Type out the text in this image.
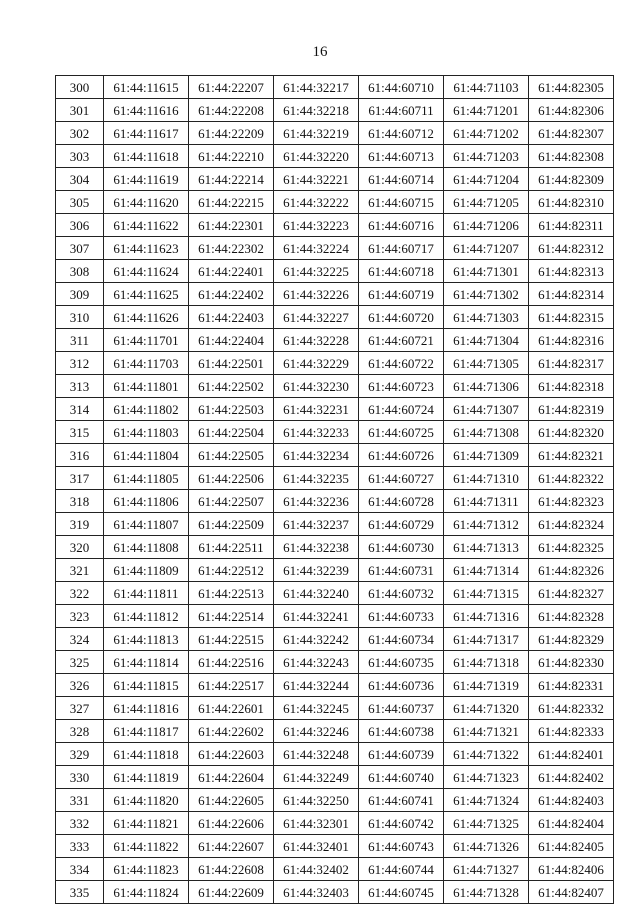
16
300	61:44:11615	61:44:22207	61:44:32217	61:44:60710	61:44:71103	61:44:82305
301	61:44:11616	61:44:22208	61:44:32218	61:44:60711	61:44:71201	61:44:82306
302	61:44:11617	61:44:22209	61:44:32219	61:44:60712	61:44:71202	61:44:82307
303	61:44:11618	61:44:22210	61:44:32220	61:44:60713	61:44:71203	61:44:82308
304	61:44:11619	61:44:22214	61:44:32221	61:44:60714	61:44:71204	61:44:82309
305	61:44:11620	61:44:22215	61:44:32222	61:44:60715	61:44:71205	61:44:82310
306	61:44:11622	61:44:22301	61:44:32223	61:44:60716	61:44:71206	61:44:82311
307	61:44:11623	61:44:22302	61:44:32224	61:44:60717	61:44:71207	61:44:82312
308	61:44:11624	61:44:22401	61:44:32225	61:44:60718	61:44:71301	61:44:82313
309	61:44:11625	61:44:22402	61:44:32226	61:44:60719	61:44:71302	61:44:82314
310	61:44:11626	61:44:22403	61:44:32227	61:44:60720	61:44:71303	61:44:82315
311	61:44:11701	61:44:22404	61:44:32228	61:44:60721	61:44:71304	61:44:82316
312	61:44:11703	61:44:22501	61:44:32229	61:44:60722	61:44:71305	61:44:82317
313	61:44:11801	61:44:22502	61:44:32230	61:44:60723	61:44:71306	61:44:82318
314	61:44:11802	61:44:22503	61:44:32231	61:44:60724	61:44:71307	61:44:82319
315	61:44:11803	61:44:22504	61:44:32233	61:44:60725	61:44:71308	61:44:82320
316	61:44:11804	61:44:22505	61:44:32234	61:44:60726	61:44:71309	61:44:82321
317	61:44:11805	61:44:22506	61:44:32235	61:44:60727	61:44:71310	61:44:82322
318	61:44:11806	61:44:22507	61:44:32236	61:44:60728	61:44:71311	61:44:82323
319	61:44:11807	61:44:22509	61:44:32237	61:44:60729	61:44:71312	61:44:82324
320	61:44:11808	61:44:22511	61:44:32238	61:44:60730	61:44:71313	61:44:82325
321	61:44:11809	61:44:22512	61:44:32239	61:44:60731	61:44:71314	61:44:82326
322	61:44:11811	61:44:22513	61:44:32240	61:44:60732	61:44:71315	61:44:82327
323	61:44:11812	61:44:22514	61:44:32241	61:44:60733	61:44:71316	61:44:82328
324	61:44:11813	61:44:22515	61:44:32242	61:44:60734	61:44:71317	61:44:82329
325	61:44:11814	61:44:22516	61:44:32243	61:44:60735	61:44:71318	61:44:82330
326	61:44:11815	61:44:22517	61:44:32244	61:44:60736	61:44:71319	61:44:82331
327	61:44:11816	61:44:22601	61:44:32245	61:44:60737	61:44:71320	61:44:82332
328	61:44:11817	61:44:22602	61:44:32246	61:44:60738	61:44:71321	61:44:82333
329	61:44:11818	61:44:22603	61:44:32248	61:44:60739	61:44:71322	61:44:82401
330	61:44:11819	61:44:22604	61:44:32249	61:44:60740	61:44:71323	61:44:82402
331	61:44:11820	61:44:22605	61:44:32250	61:44:60741	61:44:71324	61:44:82403
332	61:44:11821	61:44:22606	61:44:32301	61:44:60742	61:44:71325	61:44:82404
333	61:44:11822	61:44:22607	61:44:32401	61:44:60743	61:44:71326	61:44:82405
334	61:44:11823	61:44:22608	61:44:32402	61:44:60744	61:44:71327	61:44:82406
335	61:44:11824	61:44:22609	61:44:32403	61:44:60745	61:44:71328	61:44:82407
